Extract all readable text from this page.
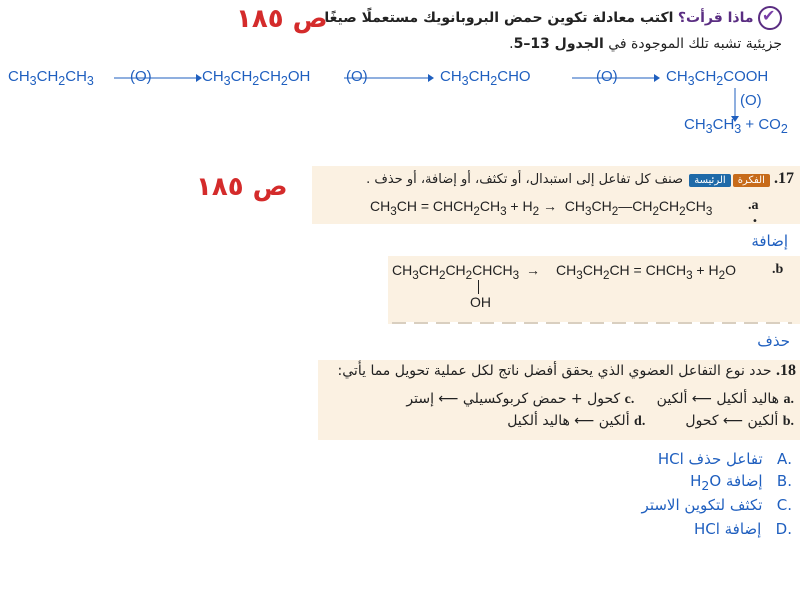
ص ١٨٥
✔	ماذا قرأت؟ اكتب معادلة تكوين حمض البروبانويك مستعملًا صيغًا
جزيئية تشبه تلك الموجودة في الجدول 13–5.
$CH_3CH_2CH_3$ (O)	$CH_3CH_2CH_2OH$ (O)	$CH_3CH_2CHO$	(O)	$CH_3CH_2COOH$
(O)
$CH_3CH_3 + CO_2$
ص ١٨٥	17. الفكرةالرئيسة صنف كل تفاعل إلى استبدال، أو تكثف، أو إضافة، أو حذف .
$CH_3CH$ = $CHCH_2CH_3 + H_2$ →  $CH_3CH_2—CH_2CH_2CH_3$	.a
•
إضافة
$CH_3CH_2CH_2CHCH_3$
OH
→ $CH_3CH_2CH$ = $CHCH_3 + H_2O$	.b
حذف
18. حدد نوع التفاعل العضوي الذي يحقق أفضل ناتج لكل عملية تحويل مما يأتي:
.a هاليد ألكيل ⟵ ألكين     .c كحول + حمض كربوكسيلي ⟵ إستر
.b ألكين ⟵ كحول         .d ألكين ⟵ هاليد ألكيل
.A   تفاعل حذف HCl
.B   إضافة $H_2O$
.C   تكثف لتكوين الاستر
.D   إضافة HCl
